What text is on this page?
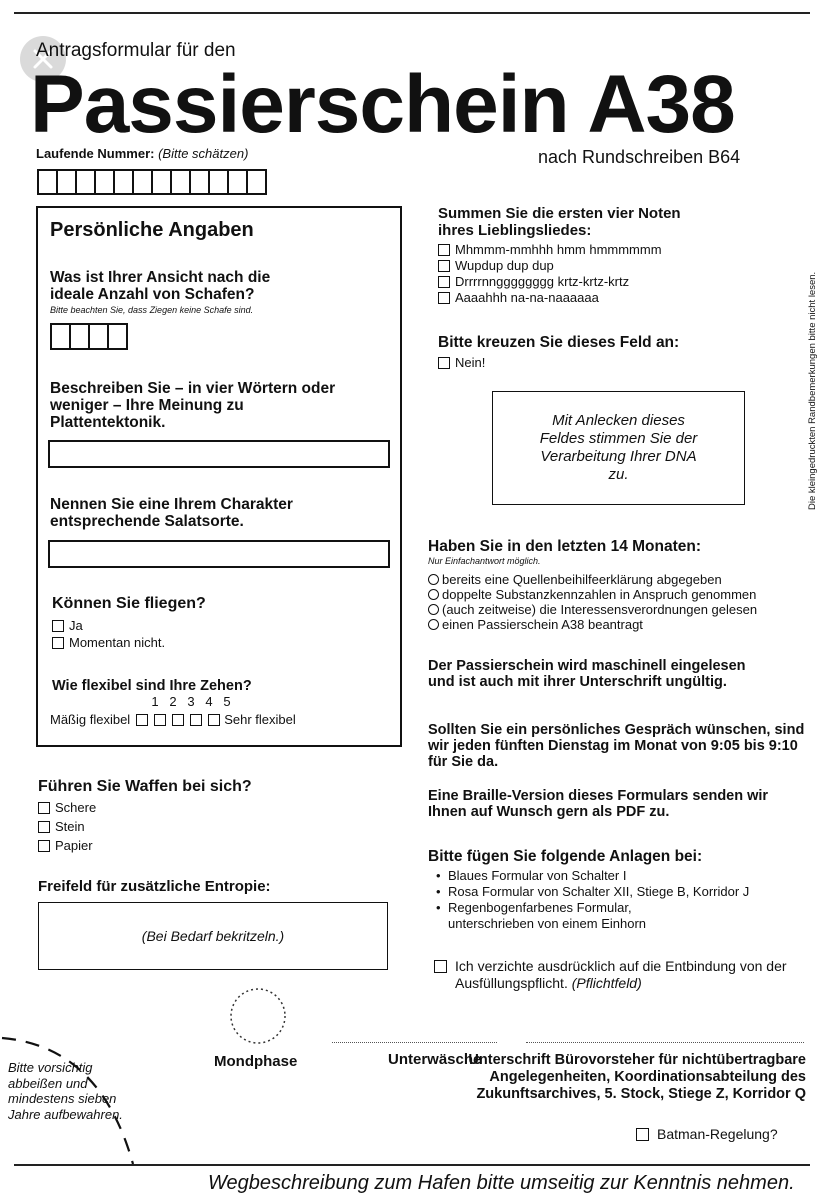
Antragsformular für den
Passierschein A38
Laufende Nummer: (Bitte schätzen)	nach Rundschreiben B64
Persönliche Angaben
Was ist Ihrer Ansicht nach die ideale Anzahl von Schafen?
Bitte beachten Sie, dass Ziegen keine Schafe sind.
Beschreiben Sie – in vier Wörtern oder weniger – Ihre Meinung zu Plattentektonik.
Nennen Sie eine Ihrem Charakter entsprechende Salatsorte.
Können Sie fliegen?
Ja
Momentan nicht.
Wie flexibel sind Ihre Zehen?
1 2 3 4 5
Mäßig flexibel	Sehr flexibel
Führen Sie Waffen bei sich?
Schere
Stein
Papier
Freifeld für zusätzliche Entropie:
(Bei Bedarf bekritzeln.)
Summen Sie die ersten vier Noten ihres Lieblingsliedes:
Mhmmm-mmhhh hmm hmmmmmm
Wupdup dup dup
Drrrrnngggggggg krtz-krtz-krtz
Aaaahhh na-na-naaaaaa
Bitte kreuzen Sie dieses Feld an:
Nein!
Mit Anlecken dieses Feldes stimmen Sie der Verarbeitung Ihrer DNA zu.
Haben Sie in den letzten 14 Monaten:
Nur Einfachantwort möglich.
bereits eine Quellenbeihilfeerklärung abgegeben
doppelte Substanzkennzahlen in Anspruch genommen
(auch zeitweise) die Interessensverordnungen gelesen
einen Passierschein A38 beantragt
Der Passierschein wird maschinell eingelesen und ist auch mit ihrer Unterschrift ungültig.
Sollten Sie ein persönliches Gespräch wünschen, sind wir jeden fünften Dienstag im Monat von 9:05 bis 9:10 für Sie da.
Eine Braille-Version dieses Formulars senden wir Ihnen auf Wunsch gern als PDF zu.
Bitte fügen Sie folgende Anlagen bei:
• Blaues Formular von Schalter I
• Rosa Formular von Schalter XII, Stiege B, Korridor J
• Regenbogenfarbenes Formular, unterschrieben von einem Einhorn
Ich verzichte ausdrücklich auf die Entbindung von der Ausfüllungspflicht. (Pflichtfeld)
Mondphase	Unterwäsche
Unterschrift Bürovorsteher für nichtübertragbare Angelegenheiten, Koordinationsabteilung des Zukunftsarchives, 5. Stock, Stiege Z, Korridor Q
Batman-Regelung?
Bitte vorsichtig abbeißen und mindestens sieben Jahre aufbewahren.
Die kleingedruckten Randbemerkungen bitte nicht lesen.
Wegbeschreibung zum Hafen bitte umseitig zur Kenntnis nehmen.
